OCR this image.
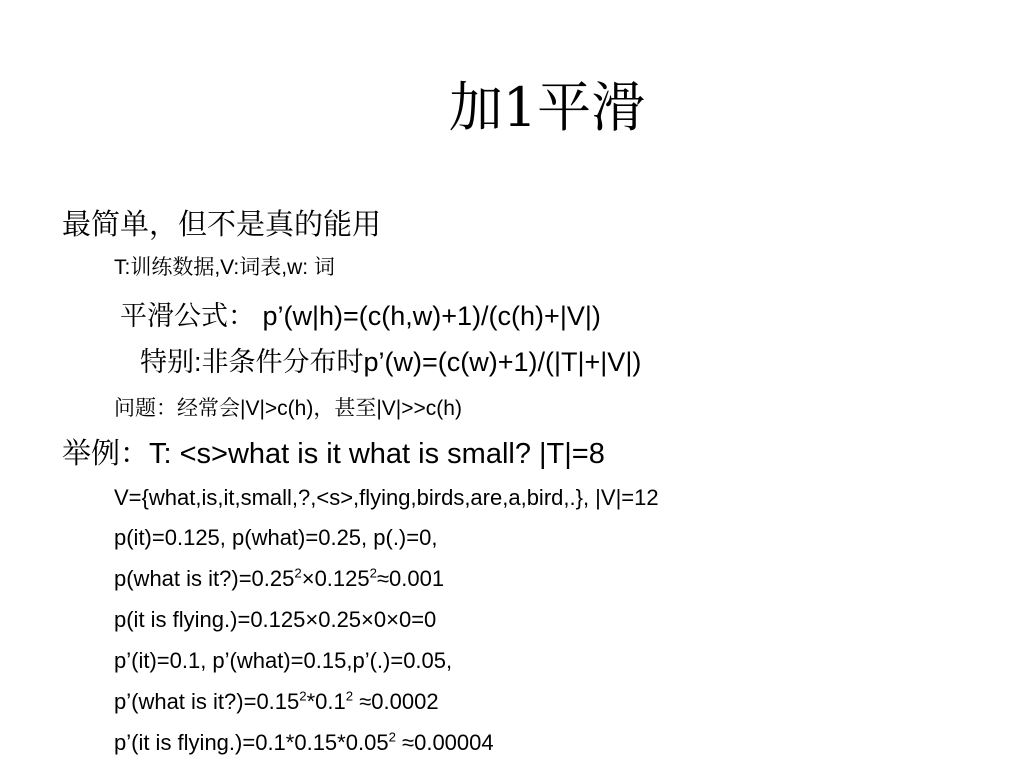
加1平滑
最简单，但不是真的能用
T:训练数据,V:词表,w: 词
平滑公式： p’(w|h)=(c(h,w)+1)/(c(h)+|V|)
特别:非条件分布时p’(w)=(c(w)+1)/(|T|+|V|)
问题：经常会|V|>c(h)，甚至|V|>>c(h)
举例：T: <s>what is it what is small? |T|=8
V={what,is,it,small,?,<s>,flying,birds,are,a,bird,.}, |V|=12
p(it)=0.125, p(what)=0.25, p(.)=0,
p(what is $it?)=0.25^2\times 0.125^2\approx 0.001$
p(it is flying.)=0.125×0.25×0×0=0
p’(it)=0.1, p’(what)=0.15,p’(.)=0.05,
p’(what is $it?)=0.15^2*0.1^2 \approx 0.0002$
p’(it is $flying.)=0.1*0.15*0.05^2 \approx 0.00004$
